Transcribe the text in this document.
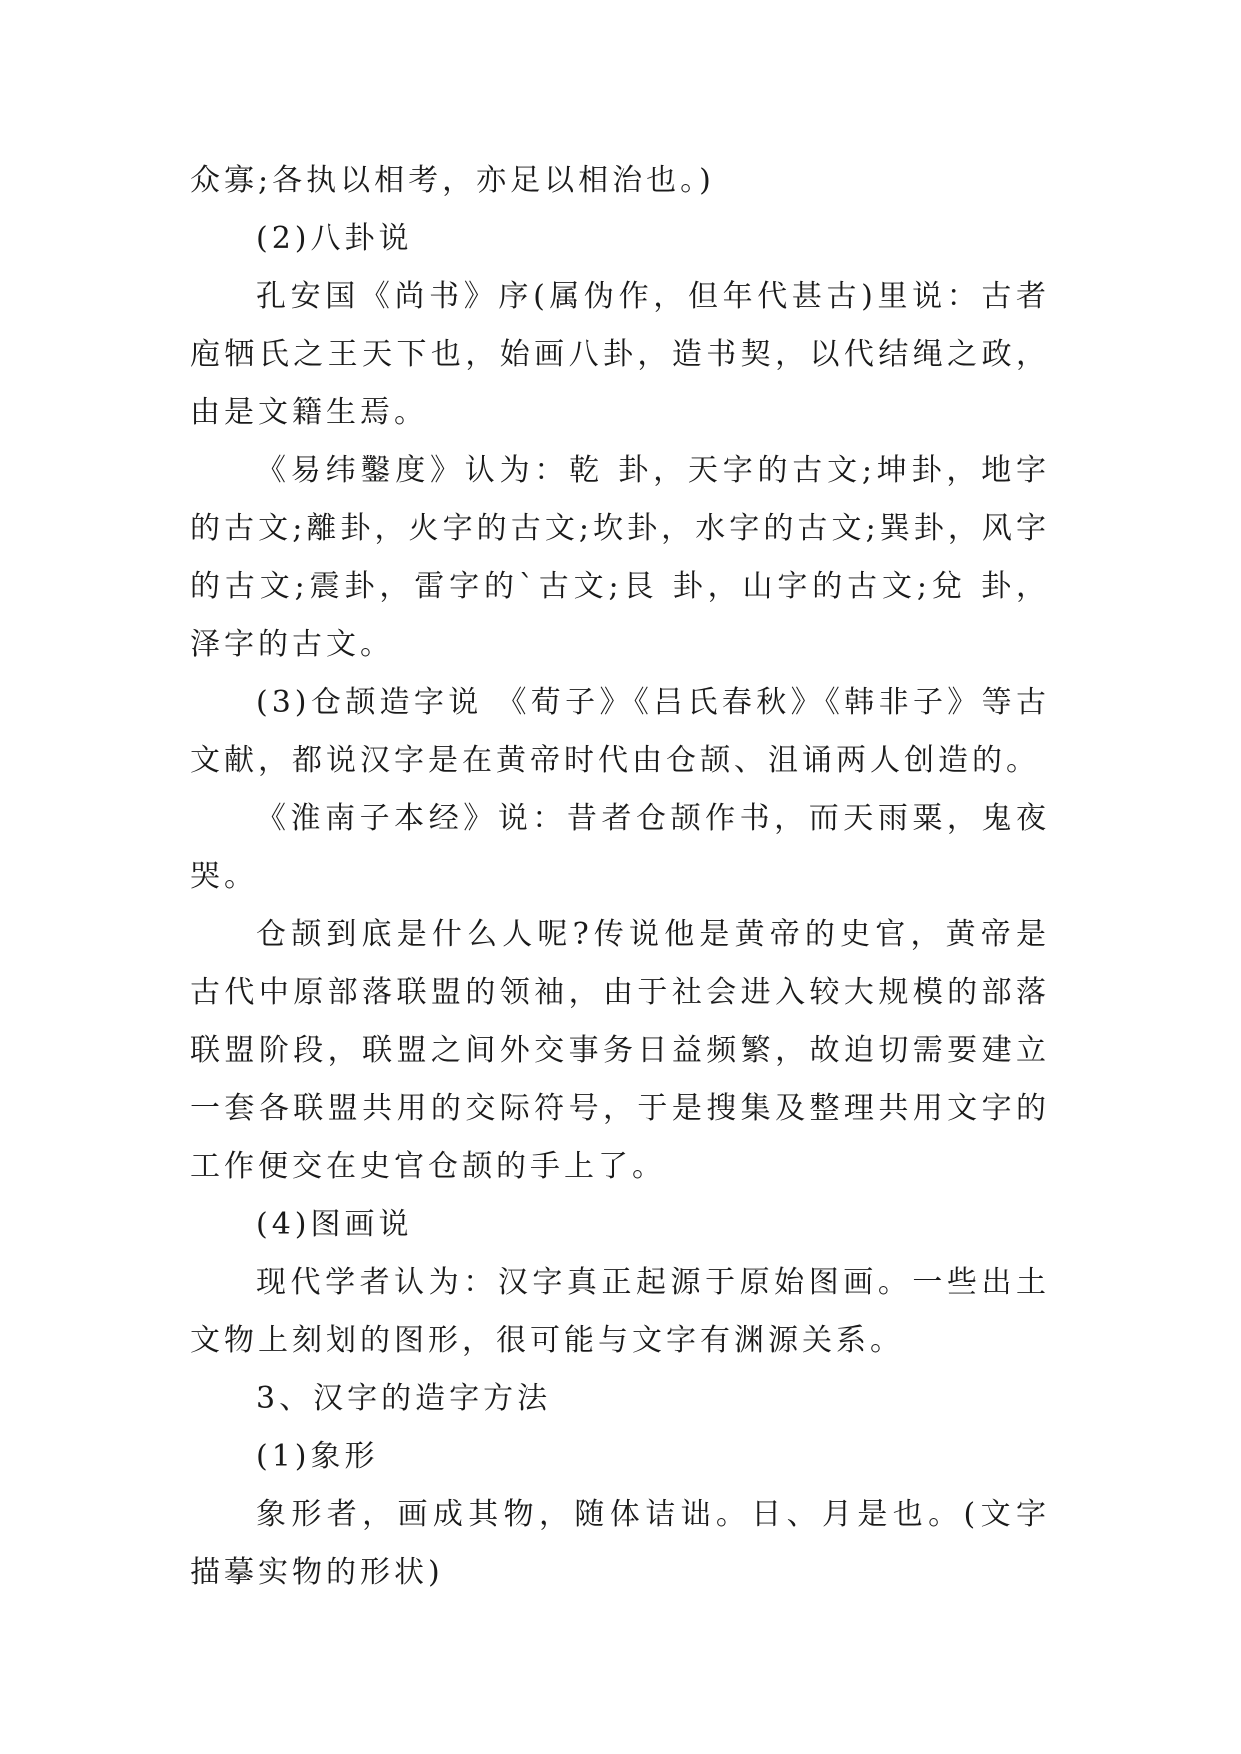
众寡;各执以相考，亦足以相治也。)

(2)八卦说

孔安国《尚书》序(属伪作，但年代甚古)里说：古者庖牺氏之王天下也，始画八卦，造书契，以代结绳之政，由是文籍生焉。

《易纬鑿度》认为：乾 卦，天字的古文;坤卦，地字的古文;離卦，火字的古文;坎卦，水字的古文;巽卦，风字的古文;震卦，雷字的`古文;艮 卦，山字的古文;兌 卦，泽字的古文。

(3)仓颉造字说 《荀子》《吕氏春秋》《韩非子》等古文献，都说汉字是在黄帝时代由仓颉、沮诵两人创造的。

《淮南子本经》说：昔者仓颉作书，而天雨粟，鬼夜哭。

仓颉到底是什么人呢?传说他是黄帝的史官，黄帝是古代中原部落联盟的领袖，由于社会进入较大规模的部落联盟阶段，联盟之间外交事务日益频繁，故迫切需要建立一套各联盟共用的交际符号，于是搜集及整理共用文字的工作便交在史官仓颉的手上了。

(4)图画说

现代学者认为：汉字真正起源于原始图画。一些出土文物上刻划的图形，很可能与文字有渊源关系。

3、汉字的造字方法

(1)象形

象形者，画成其物，随体诘诎。日、月是也。(文字描摹实物的形状)
